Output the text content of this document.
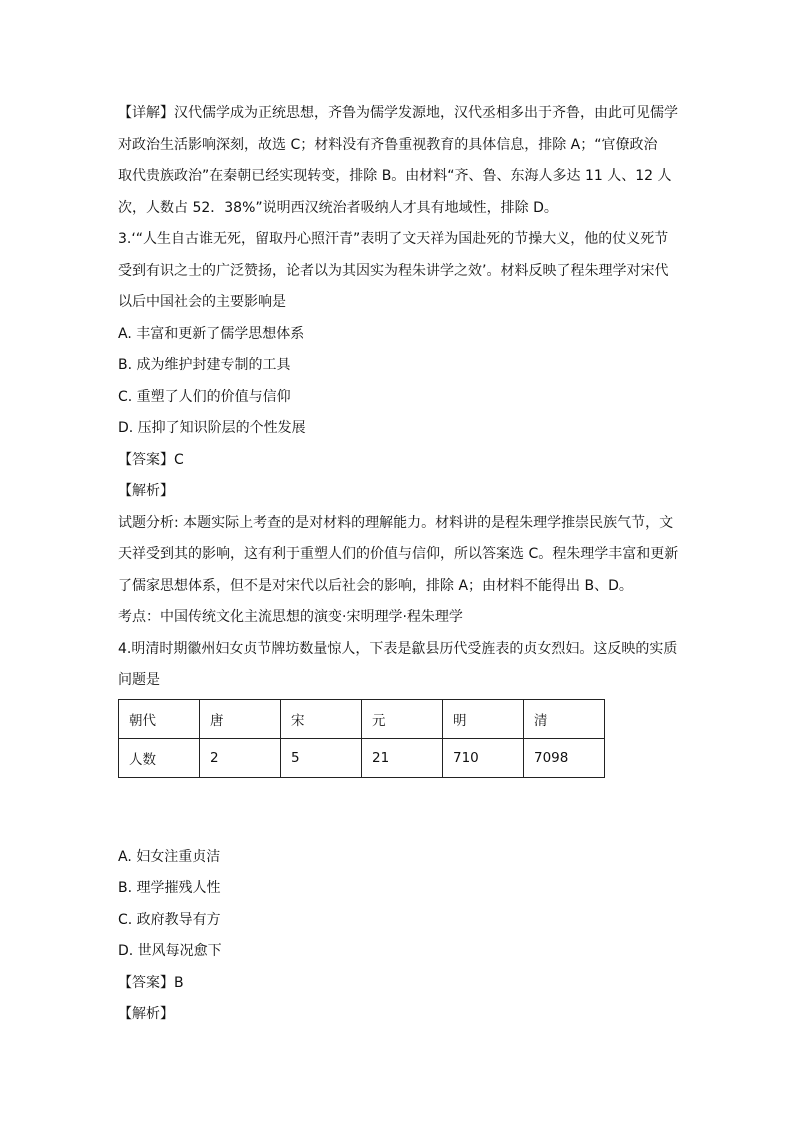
【详解】汉代儒学成为正统思想，齐鲁为儒学发源地，汉代丞相多出于齐鲁，由此可见儒学
对政治生活影响深刻，故选 C；材料没有齐鲁重视教育的具体信息，排除 A；“官僚政治
取代贵族政治”在秦朝已经实现转变，排除 B。由材料“齐、鲁、东海人多达 11 人、12 人
次，人数占 52．38%”说明西汉统治者吸纳人才具有地域性，排除 D。
3.‘“人生自古谁无死，留取丹心照汗青”表明了文天祥为国赴死的节操大义，他的仗义死节
受到有识之士的广泛赞扬，论者以为其因实为程朱讲学之效’。材料反映了程朱理学对宋代
以后中国社会的主要影响是
A. 丰富和更新了儒学思想体系
B. 成为维护封建专制的工具
C. 重塑了人们的价值与信仰
D. 压抑了知识阶层的个性发展
【答案】C
【解析】
试题分析: 本题实际上考查的是对材料的理解能力。材料讲的是程朱理学推崇民族气节，文
天祥受到其的影响，这有利于重塑人们的价值与信仰，所以答案选 C。程朱理学丰富和更新
了儒家思想体系，但不是对宋代以后社会的影响，排除 A；由材料不能得出 B、D。
考点：中国传统文化主流思想的演变·宋明理学·程朱理学
4.明清时期徽州妇女贞节牌坊数量惊人，下表是歙县历代受旌表的贞女烈妇。这反映的实质
问题是
朝代	唐	宋	元	明	清
人数	2	5	21	710	7098
A. 妇女注重贞洁
B. 理学摧残人性
C. 政府教导有方
D. 世风每况愈下
【答案】B
【解析】
